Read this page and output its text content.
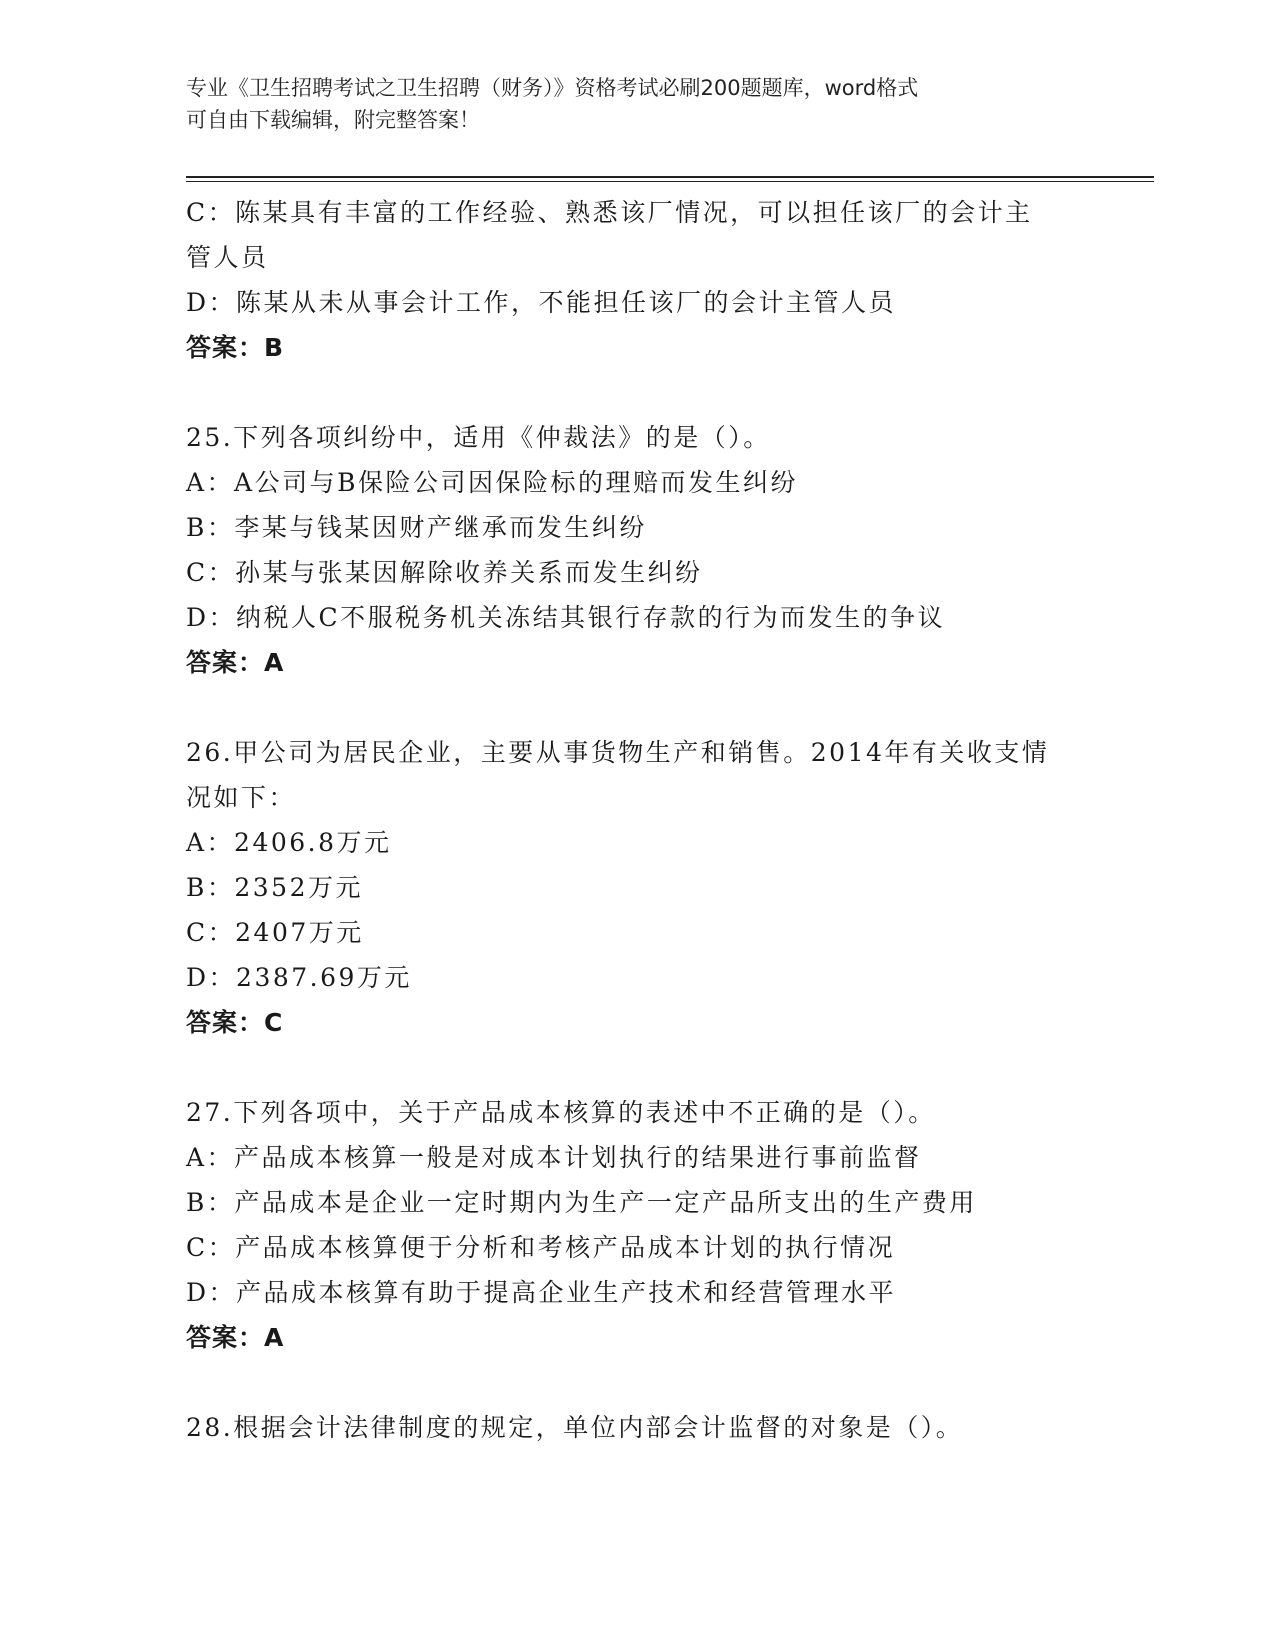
专业《卫生招聘考试之卫生招聘（财务）》资格考试必刷200题题库，word格式
可自由下载编辑，附完整答案！
C：陈某具有丰富的工作经验、熟悉该厂情况，可以担任该厂的会计主
管人员
D：陈某从未从事会计工作，不能担任该厂的会计主管人员
答案：B
25.下列各项纠纷中，适用《仲裁法》的是（）。
A：A公司与B保险公司因保险标的理赔而发生纠纷
B：李某与钱某因财产继承而发生纠纷
C：孙某与张某因解除收养关系而发生纠纷
D：纳税人C不服税务机关冻结其银行存款的行为而发生的争议
答案：A
26.甲公司为居民企业，主要从事货物生产和销售。2014年有关收支情
况如下：
A：2406.8万元
B：2352万元
C：2407万元
D：2387.69万元
答案：C
27.下列各项中，关于产品成本核算的表述中不正确的是（）。
A：产品成本核算一般是对成本计划执行的结果进行事前监督
B：产品成本是企业一定时期内为生产一定产品所支出的生产费用
C：产品成本核算便于分析和考核产品成本计划的执行情况
D：产品成本核算有助于提高企业生产技术和经营管理水平
答案：A
28.根据会计法律制度的规定，单位内部会计监督的对象是（）。
